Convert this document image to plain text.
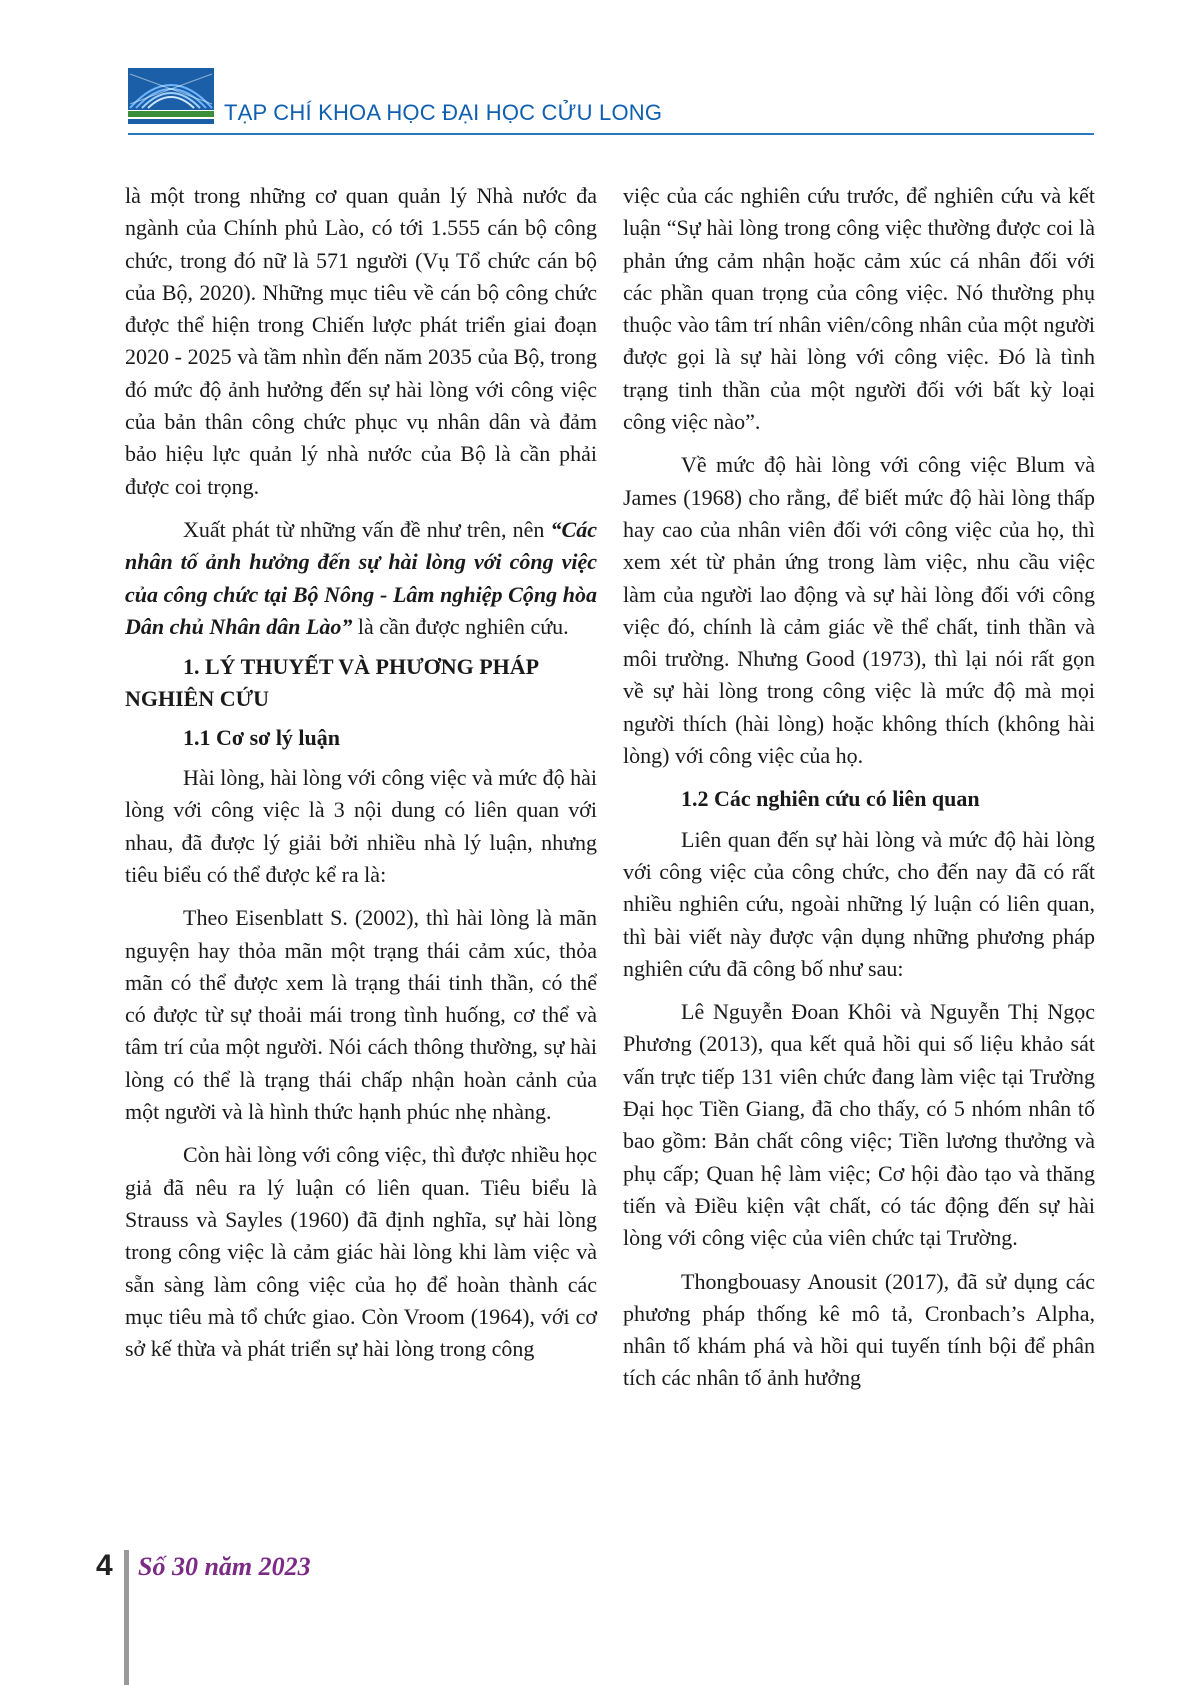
TẠP CHÍ KHOA HỌC ĐẠI HỌC CỬU LONG

là một trong những cơ quan quản lý Nhà nước đa ngành của Chính phủ Lào, có tới 1.555 cán bộ công chức, trong đó nữ là 571 người (Vụ Tổ chức cán bộ của Bộ, 2020). Những mục tiêu về cán bộ công chức được thể hiện trong Chiến lược phát triển giai đoạn 2020 - 2025 và tầm nhìn đến năm 2035 của Bộ, trong đó mức độ ảnh hưởng đến sự hài lòng với công việc của bản thân công chức phục vụ nhân dân và đảm bảo hiệu lực quản lý nhà nước của Bộ là cần phải được coi trọng.

Xuất phát từ những vấn đề như trên, nên “Các nhân tố ảnh hưởng đến sự hài lòng với công việc của công chức tại Bộ Nông - Lâm nghiệp Cộng hòa Dân chủ Nhân dân Lào” là cần được nghiên cứu.

1. LÝ THUYẾT VÀ PHƯƠNG PHÁP NGHIÊN CỨU
1.1 Cơ sơ lý luận

Hài lòng, hài lòng với công việc và mức độ hài lòng với công việc là 3 nội dung có liên quan với nhau, đã được lý giải bởi nhiều nhà lý luận, nhưng tiêu biểu có thể được kể ra là:

Theo Eisenblatt S. (2002), thì hài lòng là mãn nguyện hay thỏa mãn một trạng thái cảm xúc, thỏa mãn có thể được xem là trạng thái tinh thần, có thể có được từ sự thoải mái trong tình huống, cơ thể và tâm trí của một người. Nói cách thông thường, sự hài lòng có thể là trạng thái chấp nhận hoàn cảnh của một người và là hình thức hạnh phúc nhẹ nhàng.

Còn hài lòng với công việc, thì được nhiều học giả đã nêu ra lý luận có liên quan. Tiêu biểu là Strauss và Sayles (1960) đã định nghĩa, sự hài lòng trong công việc là cảm giác hài lòng khi làm việc và sẵn sàng làm công việc của họ để hoàn thành các mục tiêu mà tổ chức giao. Còn Vroom (1964), với cơ sở kế thừa và phát triển sự hài lòng trong công

việc của các nghiên cứu trước, để nghiên cứu và kết luận “Sự hài lòng trong công việc thường được coi là phản ứng cảm nhận hoặc cảm xúc cá nhân đối với các phần quan trọng của công việc. Nó thường phụ thuộc vào tâm trí nhân viên/công nhân của một người được gọi là sự hài lòng với công việc. Đó là tình trạng tinh thần của một người đối với bất kỳ loại công việc nào”.

Về mức độ hài lòng với công việc Blum và James (1968) cho rằng, để biết mức độ hài lòng thấp hay cao của nhân viên đối với công việc của họ, thì xem xét từ phản ứng trong làm việc, nhu cầu việc làm của người lao động và sự hài lòng đối với công việc đó, chính là cảm giác về thể chất, tinh thần và môi trường. Nhưng Good (1973), thì lại nói rất gọn về sự hài lòng trong công việc là mức độ mà mọi người thích (hài lòng) hoặc không thích (không hài lòng) với công việc của họ.

1.2 Các nghiên cứu có liên quan

Liên quan đến sự hài lòng và mức độ hài lòng với công việc của công chức, cho đến nay đã có rất nhiều nghiên cứu, ngoài những lý luận có liên quan, thì bài viết này được vận dụng những phương pháp nghiên cứu đã công bố như sau:

Lê Nguyễn Đoan Khôi và Nguyễn Thị Ngọc Phương (2013), qua kết quả hồi qui số liệu khảo sát vấn trực tiếp 131 viên chức đang làm việc tại Trường Đại học Tiền Giang, đã cho thấy, có 5 nhóm nhân tố bao gồm: Bản chất công việc; Tiền lương thưởng và phụ cấp; Quan hệ làm việc; Cơ hội đào tạo và thăng tiến và Điều kiện vật chất, có tác động đến sự hài lòng với công việc của viên chức tại Trường.

Thongbouasy Anousit (2017), đã sử dụng các phương pháp thống kê mô tả, Cronbach’s Alpha, nhân tố khám phá và hồi qui tuyến tính bội để phân tích các nhân tố ảnh hưởng

4 Số 30 năm 2023
